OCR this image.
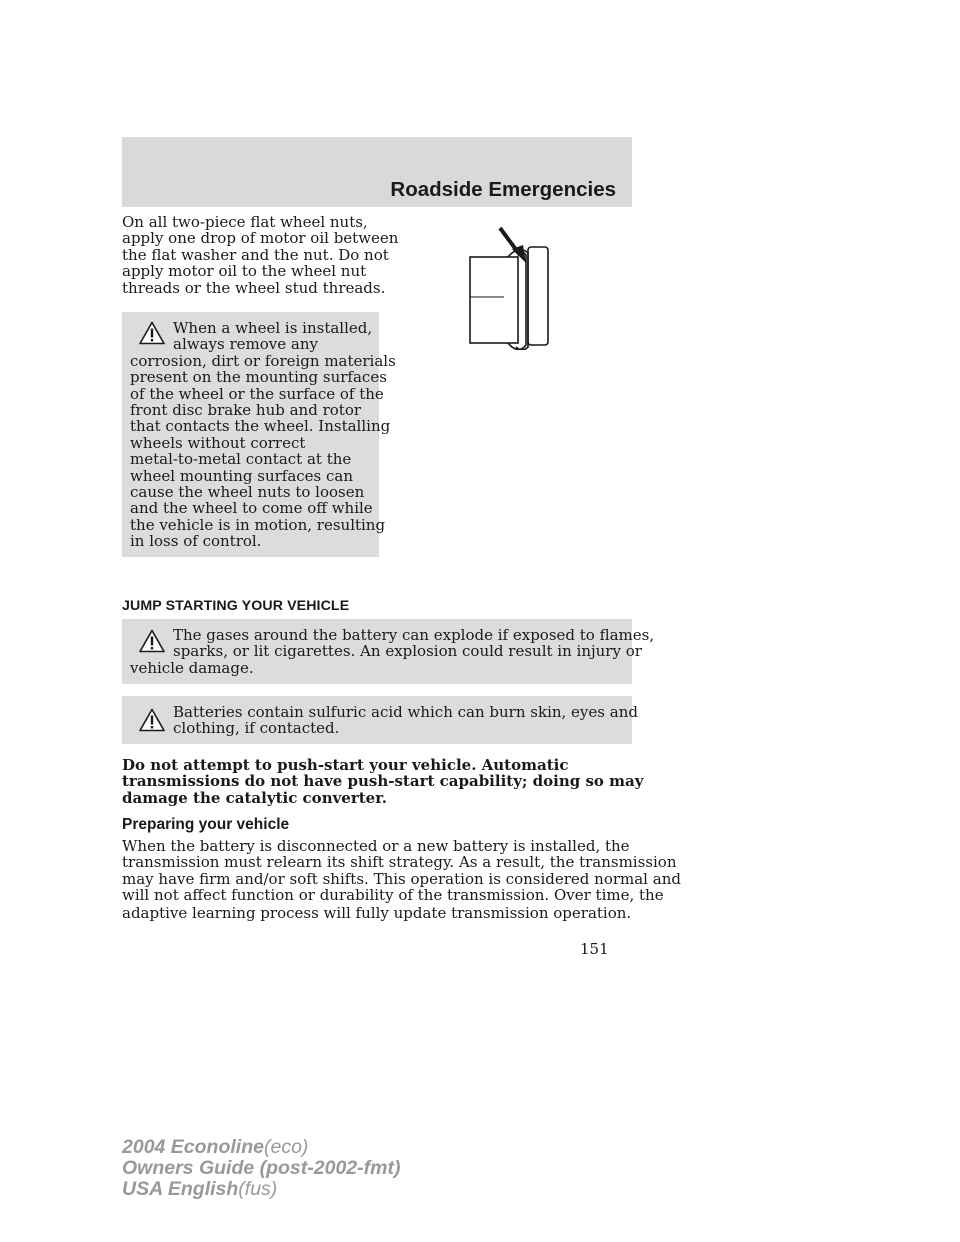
Roadside Emergencies

On all two-piece flat wheel nuts,
apply one drop of motor oil between
the flat washer and the nut. Do not
apply motor oil to the wheel nut
threads or the wheel stud threads.

When a wheel is installed,
always remove any
corrosion, dirt or foreign materials
present on the mounting surfaces
of the wheel or the surface of the
front disc brake hub and rotor
that contacts the wheel. Installing
wheels without correct
metal-to-metal contact at the
wheel mounting surfaces can
cause the wheel nuts to loosen
and the wheel to come off while
the vehicle is in motion, resulting
in loss of control.

JUMP STARTING YOUR VEHICLE

The gases around the battery can explode if exposed to flames,
sparks, or lit cigarettes. An explosion could result in injury or
vehicle damage.

Batteries contain sulfuric acid which can burn skin, eyes and
clothing, if contacted.

Do not attempt to push-start your vehicle. Automatic
transmissions do not have push-start capability; doing so may
damage the catalytic converter.

Preparing your vehicle

When the battery is disconnected or a new battery is installed, the
transmission must relearn its shift strategy. As a result, the transmission
may have firm and/or soft shifts. This operation is considered normal and
will not affect function or durability of the transmission. Over time, the
adaptive learning process will fully update transmission operation.

151
2004 Econoline(eco)
Owners Guide (post-2002-fmt)
USA English(fus)
